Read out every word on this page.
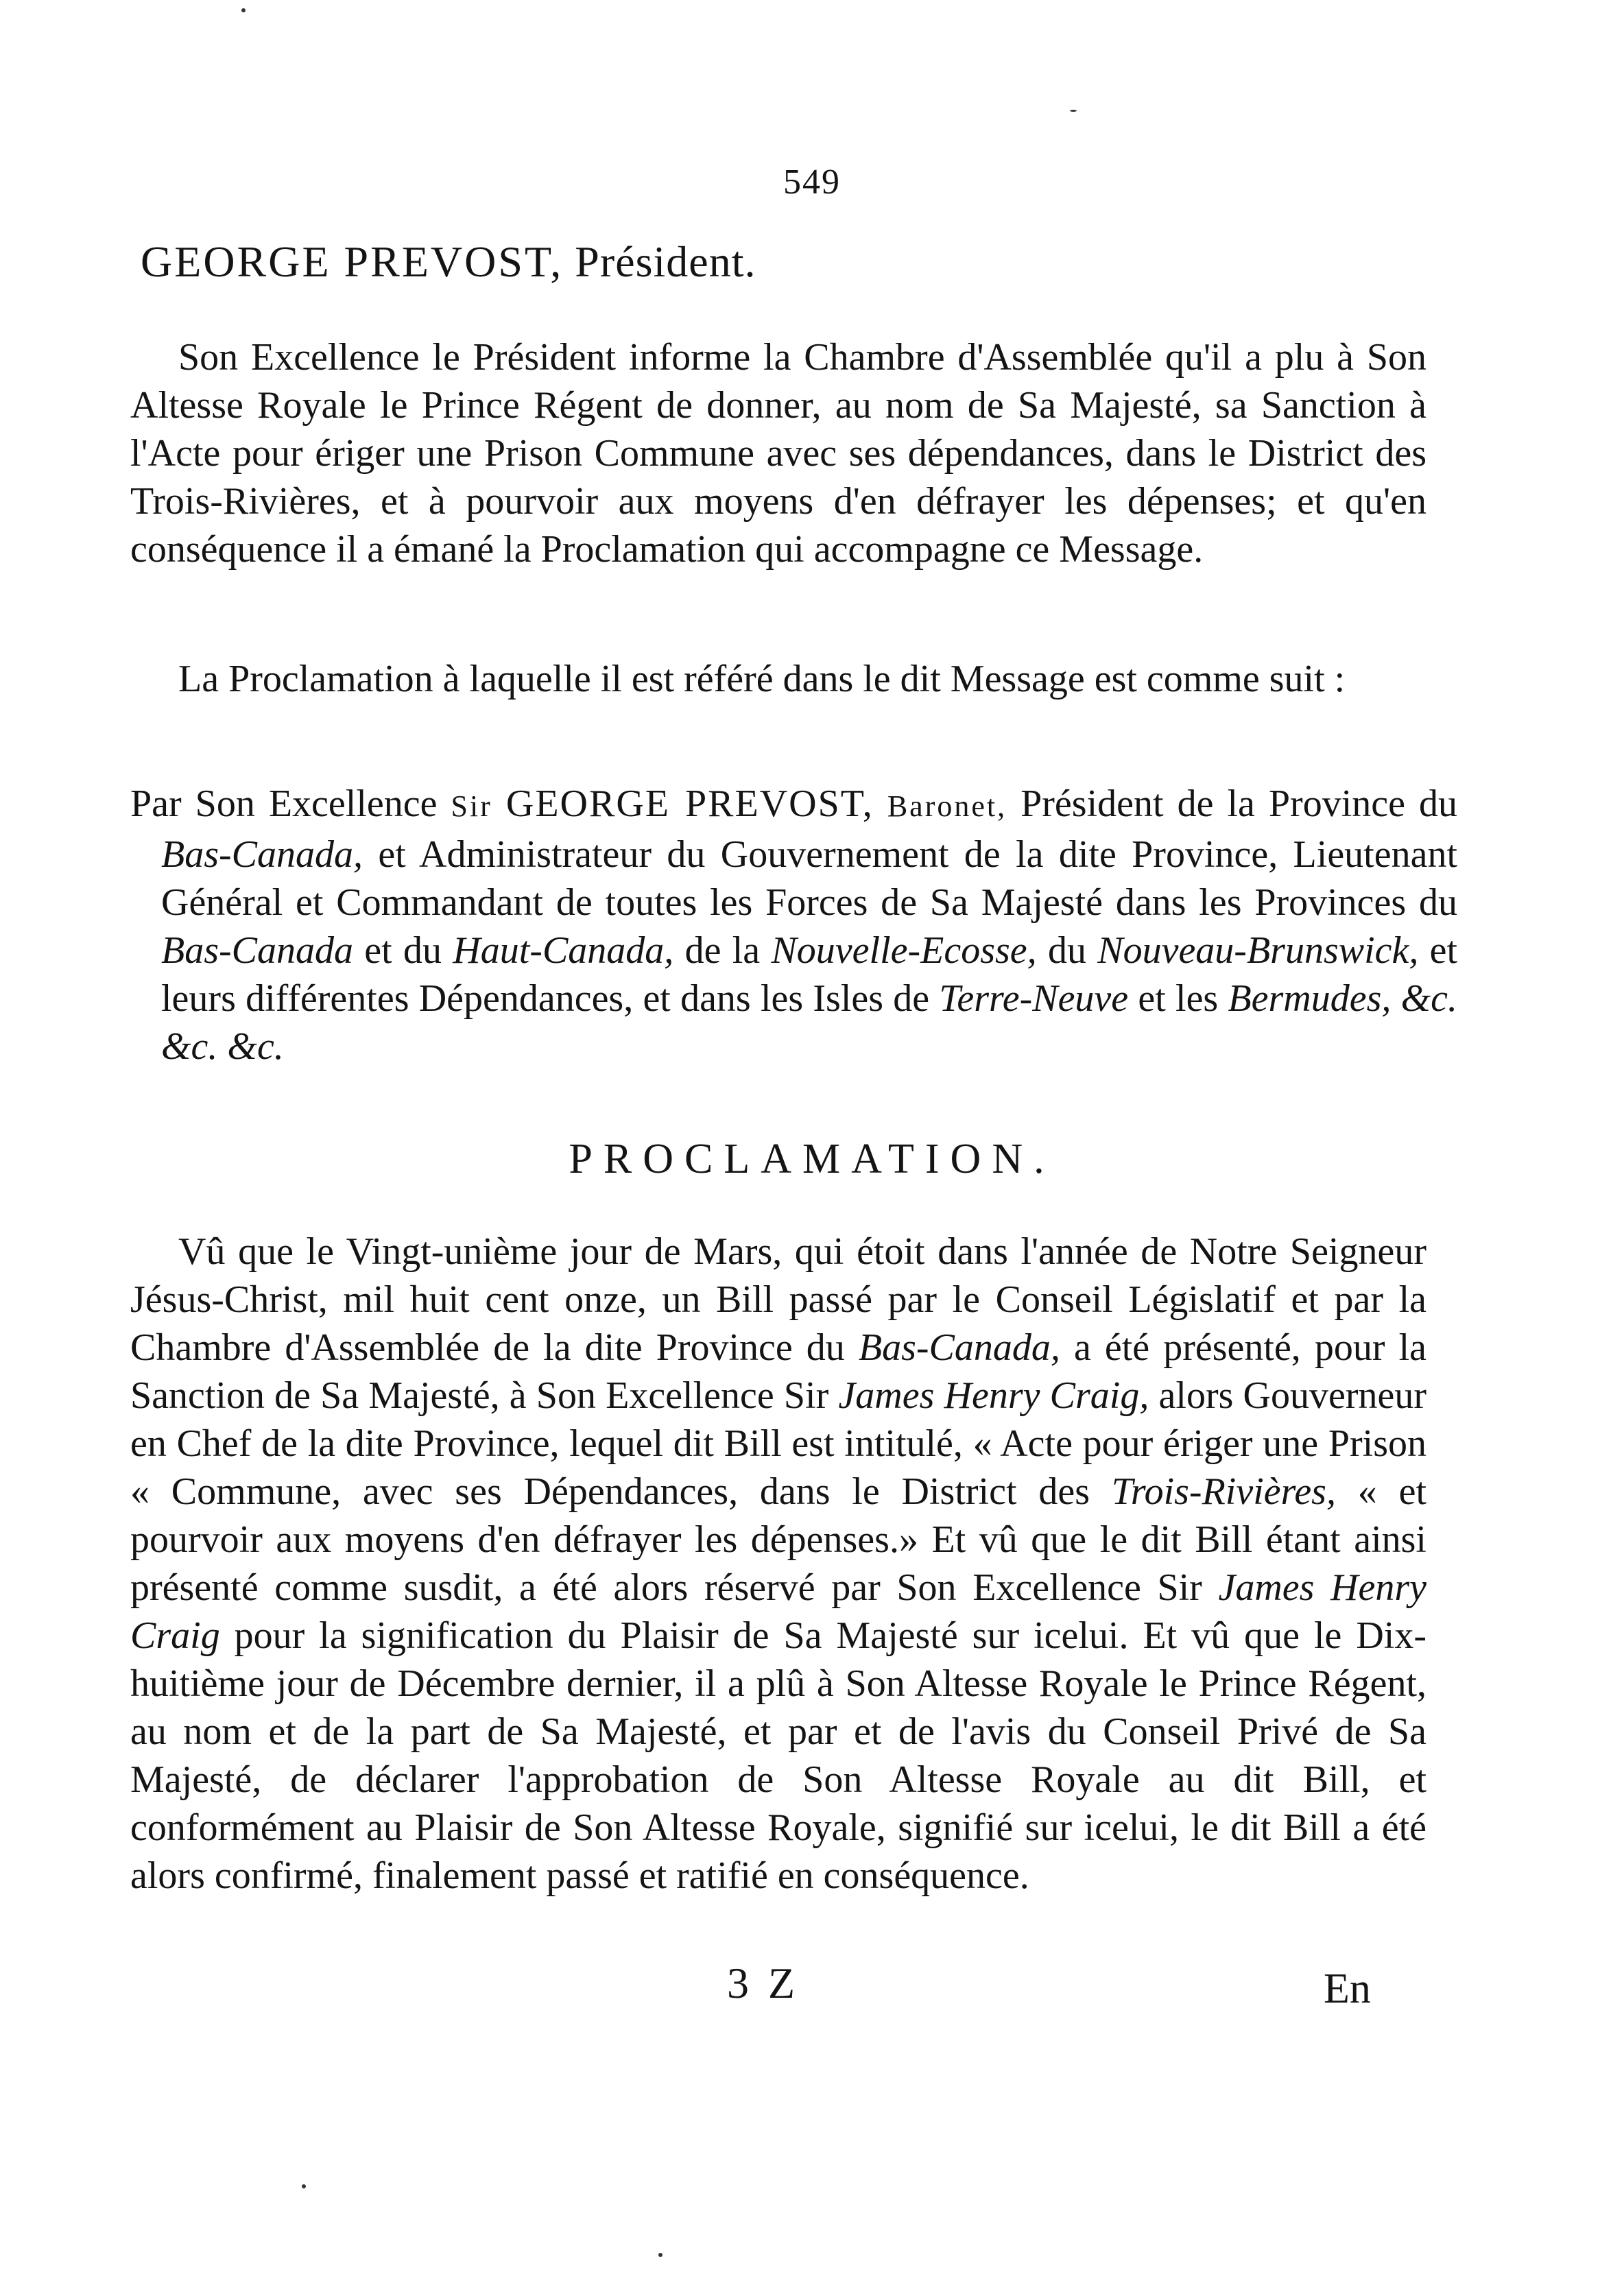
549
GEORGE PREVOST, Président.
Son Excellence le Président informe la Chambre d'Assemblée qu'il a plu à Son Altesse Royale le Prince Régent de donner, au nom de Sa Majesté, sa Sanction à l'Acte pour ériger une Prison Commune avec ses dépendances, dans le District des Trois-Rivières, et à pourvoir aux moyens d'en défrayer les dépenses; et qu'en conséquence il a émané la Proclamation qui accompagne ce Message.
La Proclamation à laquelle il est référé dans le dit Message est comme suit :
Par Son Excellence Sir GEORGE PREVOST, Baronet, Président de la Province du Bas-Canada, et Administrateur du Gouvernement de la dite Province, Lieutenant Général et Commandant de toutes les Forces de Sa Majesté dans les Provinces du Bas-Canada et du Haut-Canada, de la Nouvelle-Ecosse, du Nouveau-Brunswick, et leurs différentes Dépendances, et dans les Isles de Terre-Neuve et les Bermudes, &c. &c. &c.
PROCLAMATION.
Vû que le Vingt-unième jour de Mars, qui étoit dans l'année de Notre Seigneur Jésus-Christ, mil huit cent onze, un Bill passé par le Conseil Législatif et par la Chambre d'Assemblée de la dite Province du Bas-Canada, a été présenté, pour la Sanction de Sa Majesté, à Son Excellence Sir James Henry Craig, alors Gouverneur en Chef de la dite Province, lequel dit Bill est intitulé, « Acte pour ériger une Prison « Commune, avec ses Dépendances, dans le District des Trois-Rivières, « et pourvoir aux moyens d'en défrayer les dépenses.» Et vû que le dit Bill étant ainsi présenté comme susdit, a été alors réservé par Son Excellence Sir James Henry Craig pour la signification du Plaisir de Sa Majesté sur icelui. Et vû que le Dix-huitième jour de Décembre dernier, il a plû à Son Altesse Royale le Prince Régent, au nom et de la part de Sa Majesté, et par et de l'avis du Conseil Privé de Sa Majesté, de déclarer l'approbation de Son Altesse Royale au dit Bill, et conformément au Plaisir de Son Altesse Royale, signifié sur icelui, le dit Bill a été alors confirmé, finalement passé et ratifié en conséquence.
3 Z	En
